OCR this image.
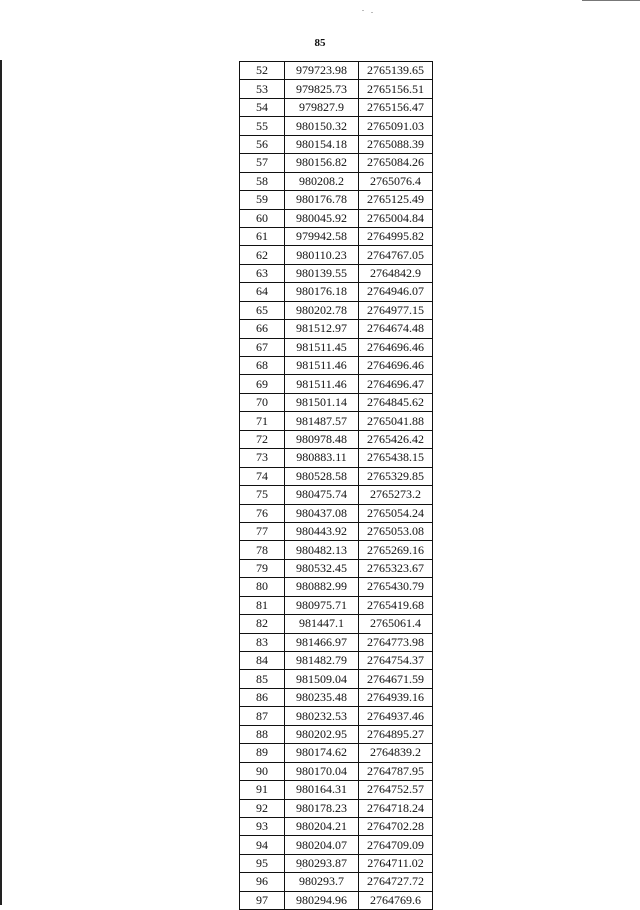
85
52	979723.98	2765139.65
53	979825.73	2765156.51
54	979827.9	2765156.47
55	980150.32	2765091.03
56	980154.18	2765088.39
57	980156.82	2765084.26
58	980208.2	2765076.4
59	980176.78	2765125.49
60	980045.92	2765004.84
61	979942.58	2764995.82
62	980110.23	2764767.05
63	980139.55	2764842.9
64	980176.18	2764946.07
65	980202.78	2764977.15
66	981512.97	2764674.48
67	981511.45	2764696.46
68	981511.46	2764696.46
69	981511.46	2764696.47
70	981501.14	2764845.62
71	981487.57	2765041.88
72	980978.48	2765426.42
73	980883.11	2765438.15
74	980528.58	2765329.85
75	980475.74	2765273.2
76	980437.08	2765054.24
77	980443.92	2765053.08
78	980482.13	2765269.16
79	980532.45	2765323.67
80	980882.99	2765430.79
81	980975.71	2765419.68
82	981447.1	2765061.4
83	981466.97	2764773.98
84	981482.79	2764754.37
85	981509.04	2764671.59
86	980235.48	2764939.16
87	980232.53	2764937.46
88	980202.95	2764895.27
89	980174.62	2764839.2
90	980170.04	2764787.95
91	980164.31	2764752.57
92	980178.23	2764718.24
93	980204.21	2764702.28
94	980204.07	2764709.09
95	980293.87	2764711.02
96	980293.7	2764727.72
97	980294.96	2764769.6
